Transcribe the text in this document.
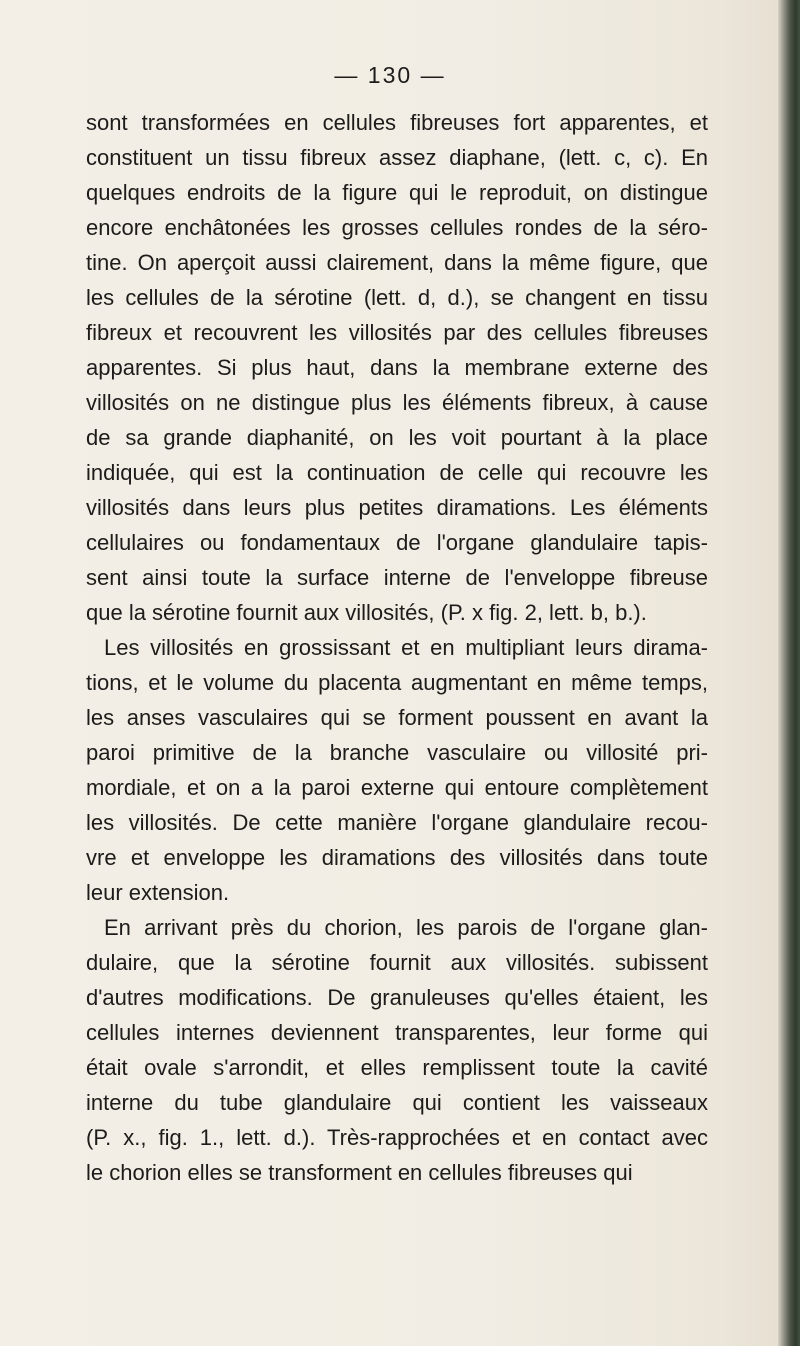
— 130 —
sont transformées en cellules fibreuses fort apparentes, et
constituent un tissu fibreux assez diaphane, (lett. c, c). En
quelques endroits de la figure qui le reproduit, on distingue
encore enchâtonées les grosses cellules rondes de la séro-
tine. On aperçoit aussi clairement, dans la même figure, que
les cellules de la sérotine (lett. d, d.), se changent en tissu
fibreux et recouvrent les villosités par des cellules fibreuses
apparentes. Si plus haut, dans la membrane externe des
villosités on ne distingue plus les éléments fibreux, à cause
de sa grande diaphanité, on les voit pourtant à la place
indiquée, qui est la continuation de celle qui recouvre les
villosités dans leurs plus petites diramations. Les éléments
cellulaires ou fondamentaux de l'organe glandulaire tapis-
sent ainsi toute la surface interne de l'enveloppe fibreuse
que la sérotine fournit aux villosités, (P. x fig. 2, lett. b, b.).
Les villosités en grossissant et en multipliant leurs dirama-
tions, et le volume du placenta augmentant en même temps,
les anses vasculaires qui se forment poussent en avant la
paroi primitive de la branche vasculaire ou villosité pri-
mordiale, et on a la paroi externe qui entoure complètement
les villosités. De cette manière l'organe glandulaire recou-
vre et enveloppe les diramations des villosités dans toute
leur extension.
En arrivant près du chorion, les parois de l'organe glan-
dulaire, que la sérotine fournit aux villosités. subissent
d'autres modifications. De granuleuses qu'elles étaient, les
cellules internes deviennent transparentes, leur forme qui
était ovale s'arrondit, et elles remplissent toute la cavité
interne du tube glandulaire qui contient les vaisseaux
(P. x., fig. 1., lett. d.). Très-rapprochées et en contact avec
le chorion elles se transforment en cellules fibreuses qui
